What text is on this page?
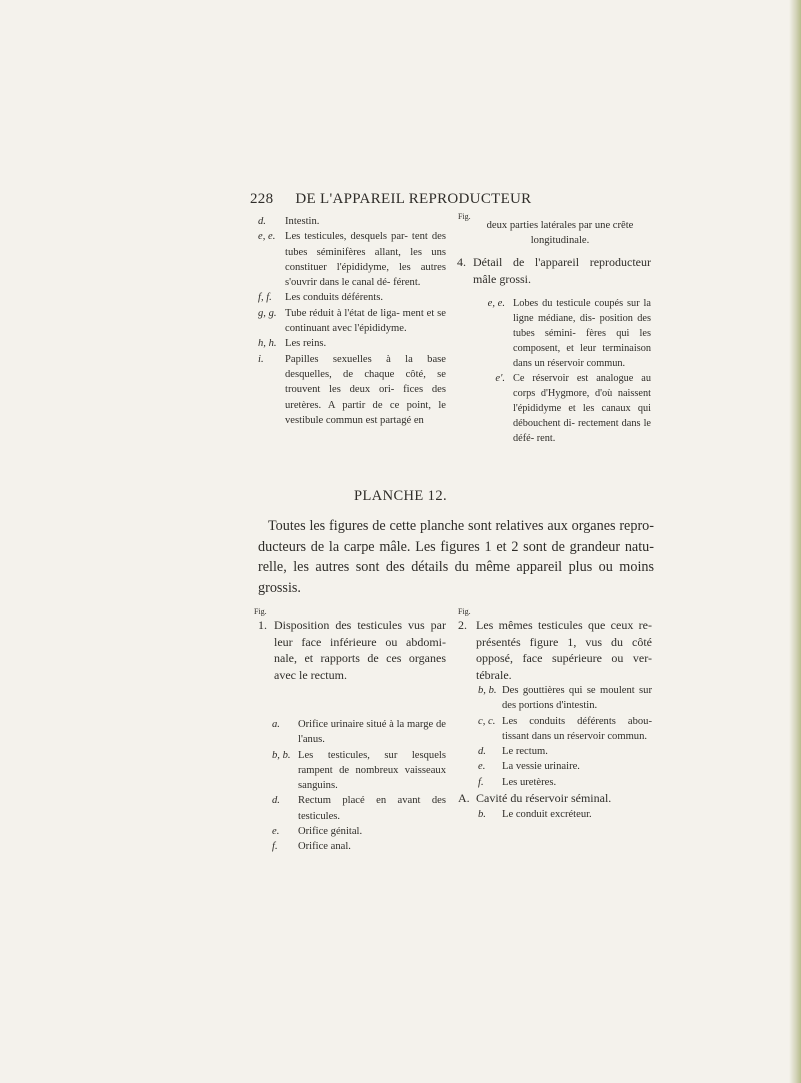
228 DE L'APPAREIL REPRODUCTEUR
d.	Intestin.
e, e. Les testicules, desquels par- tent des tubes séminifères allant, les uns constituer l'épididyme, les autres s'ouvrir dans le canal dé- férent.
f, f.	Les conduits déférents.
g, g. Tube réduit à l'état de liga- ment et se continuant avec l'épididyme.
h, h. Les reins.
i.	Papilles sexuelles à la base desquelles, de chaque côté, se trouvent les deux ori- fices des uretères. A partir de ce point, le vestibule commun est partagé en
Fig.
deux parties latérales par une crête longitudinale.
4. Détail de l'appareil reproducteur mâle grossi.
e, e. Lobes du testicule coupés sur la ligne médiane, dis- position des tubes sémini- fères qui les composent, et leur terminaison dans un réservoir commun.
e'. Ce réservoir est analogue au corps d'Hygmore, d'où naissent l'épididyme et les canaux qui débouchent di- rectement dans le défé- rent.
PLANCHE 12.
Toutes les figures de cette planche sont relatives aux organes repro- ducteurs de la carpe mâle. Les figures 1 et 2 sont de grandeur natu- relle, les autres sont des détails du même appareil plus ou moins grossis.
Fig.
1. Disposition des testicules vus par leur face inférieure ou abdomi- nale, et rapports de ces organes avec le rectum.
a.	Orifice urinaire situé à la marge de l'anus.
b, b. Les testicules, sur lesquels rampent de nombreux vaisseaux sanguins.
d.	Rectum placé en avant des testicules.
e.	Orifice génital.
f.	Orifice anal.
Fig.
2. Les mêmes testicules que ceux re- présentés figure 1, vus du côté opposé, face supérieure ou ver- tébrale.
b, b. Des gouttières qui se moulent sur des portions d'intestin.
c, c. Les conduits déférents abou- tissant dans un réservoir commun.
d.	Le rectum.
e.	La vessie urinaire.
f.	Les uretères.
A. Cavité du réservoir séminal.
b.	Le conduit excréteur.
